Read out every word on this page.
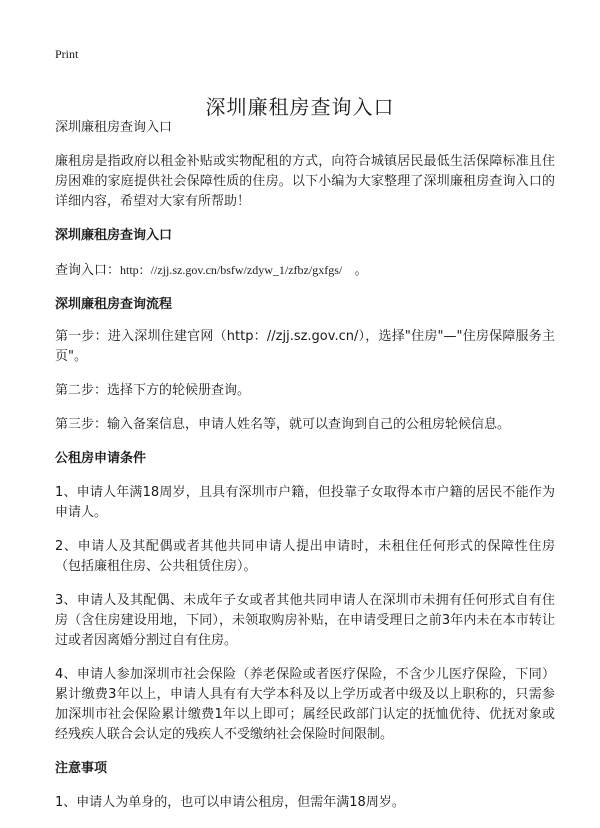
Print
深圳廉租房查询入口

深圳廉租房查询入口

廉租房是指政府以租金补贴或实物配租的方式，向符合城镇居民最低生活保障标准且住房困难的家庭提供社会保障性质的住房。以下小编为大家整理了深圳廉租房查询入口的详细内容，希望对大家有所帮助！

深圳廉租房查询入口

查询入口：http：//zjj.sz.gov.cn/bsfw/zdyw_1/zfbz/gxfgs/ 。

深圳廉租房查询流程

第一步：进入深圳住建官网（http：//zjj.sz.gov.cn/），选择"住房"—"住房保障服务主页"。

第二步：选择下方的轮候册查询。

第三步：输入备案信息，申请人姓名等，就可以查询到自己的公租房轮候信息。

公租房申请条件

1、申请人年满18周岁，且具有深圳市户籍，但投靠子女取得本市户籍的居民不能作为申请人。

2、申请人及其配偶或者其他共同申请人提出申请时，未租住任何形式的保障性住房（包括廉租住房、公共租赁住房）。

3、申请人及其配偶、未成年子女或者其他共同申请人在深圳市未拥有任何形式自有住房（含住房建设用地，下同），未领取购房补贴，在申请受理日之前3年内未在本市转让过或者因离婚分割过自有住房。

4、申请人参加深圳市社会保险（养老保险或者医疗保险，不含少儿医疗保险，下同）累计缴费3年以上，申请人具有有大学本科及以上学历或者中级及以上职称的，只需参加深圳市社会保险累计缴费1年以上即可；属经民政部门认定的抚恤优待、优抚对象或经残疾人联合会认定的残疾人不受缴纳社会保险时间限制。

注意事项

1、申请人为单身的，也可以申请公租房，但需年满18周岁。
